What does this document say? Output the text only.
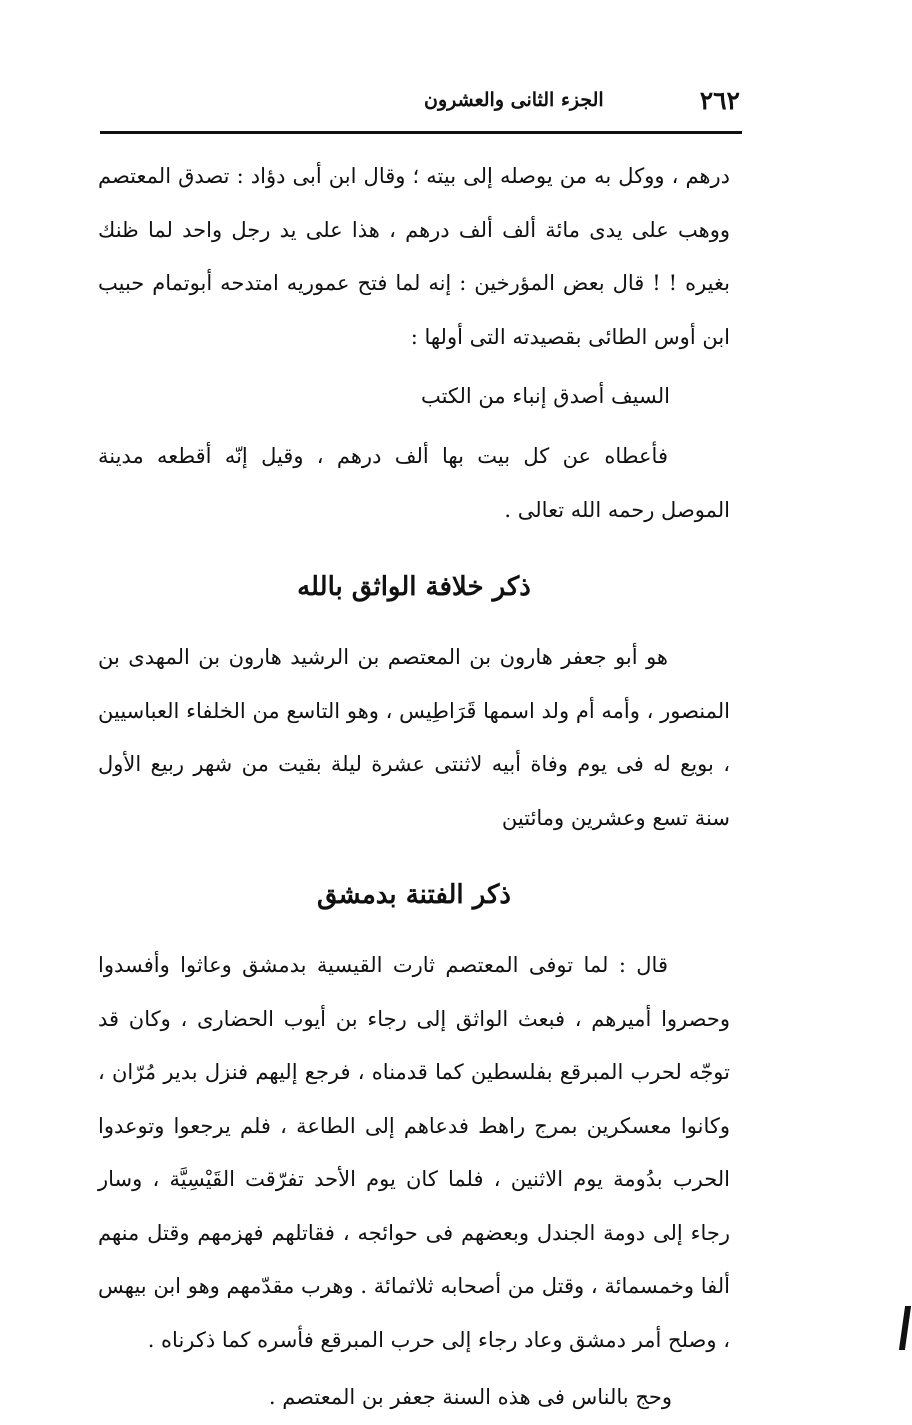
٢٦٢
الجزء الثانى والعشرون

درهم ، ووكل به من يوصله إلى بيته ؛ وقال ابن أبى دؤاد : تصدق المعتصم ووهب على يدى مائة ألف ألف درهم ، هذا على يد رجل واحد لما ظنك بغيره ! ! قال بعض المؤرخين : إنه لما فتح عموريه امتدحه أبوتمام حبيب ابن أوس الطائى بقصيدته التى أولها :

السيف أصدق إنباء من الكتب

فأعطاه عن كل بيت بها ألف درهم ، وقيل إنّه أقطعه مدينة الموصل رحمه الله تعالى .

ذكر خلافة الواثق بالله

هو أبو جعفر هارون بن المعتصم بن الرشيد هارون بن المهدى بن المنصور ، وأمه أم ولد اسمها قَرَاطِيس ، وهو التاسع من الخلفاء العباسيين ، بويع له فى يوم وفاة أبيه لاثنتى عشرة ليلة بقيت من شهر ربيع الأول سنة تسع وعشرين ومائتين

ذكر الفتنة بدمشق

قال : لما توفى المعتصم ثارت القيسية بدمشق وعاثوا وأفسدوا وحصروا أميرهم ، فبعث الواثق إلى رجاء بن أيوب الحضارى ، وكان قد توجّه لحرب المبرقع بفلسطين كما قدمناه ، فرجع إليهم فنزل بدير مُرّان ، وكانوا معسكرين بمرج راهط فدعاهم إلى الطاعة ، فلم يرجعوا وتوعدوا الحرب بدُومة يوم الاثنين ، فلما كان يوم الأحد تفرّقت القَيْسِيَّة ، وسار رجاء إلى دومة الجندل وبعضهم فى حوائجه ، فقاتلهم فهزمهم وقتل منهم ألفا وخمسمائة ، وقتل من أصحابه ثلاثمائة . وهرب مقدّمهم وهو ابن بيهس ، وصلح أمر دمشق وعاد رجاء إلى حرب المبرقع فأسره كما ذكرناه .

وحج بالناس فى هذه السنة جعفر بن المعتصم .
